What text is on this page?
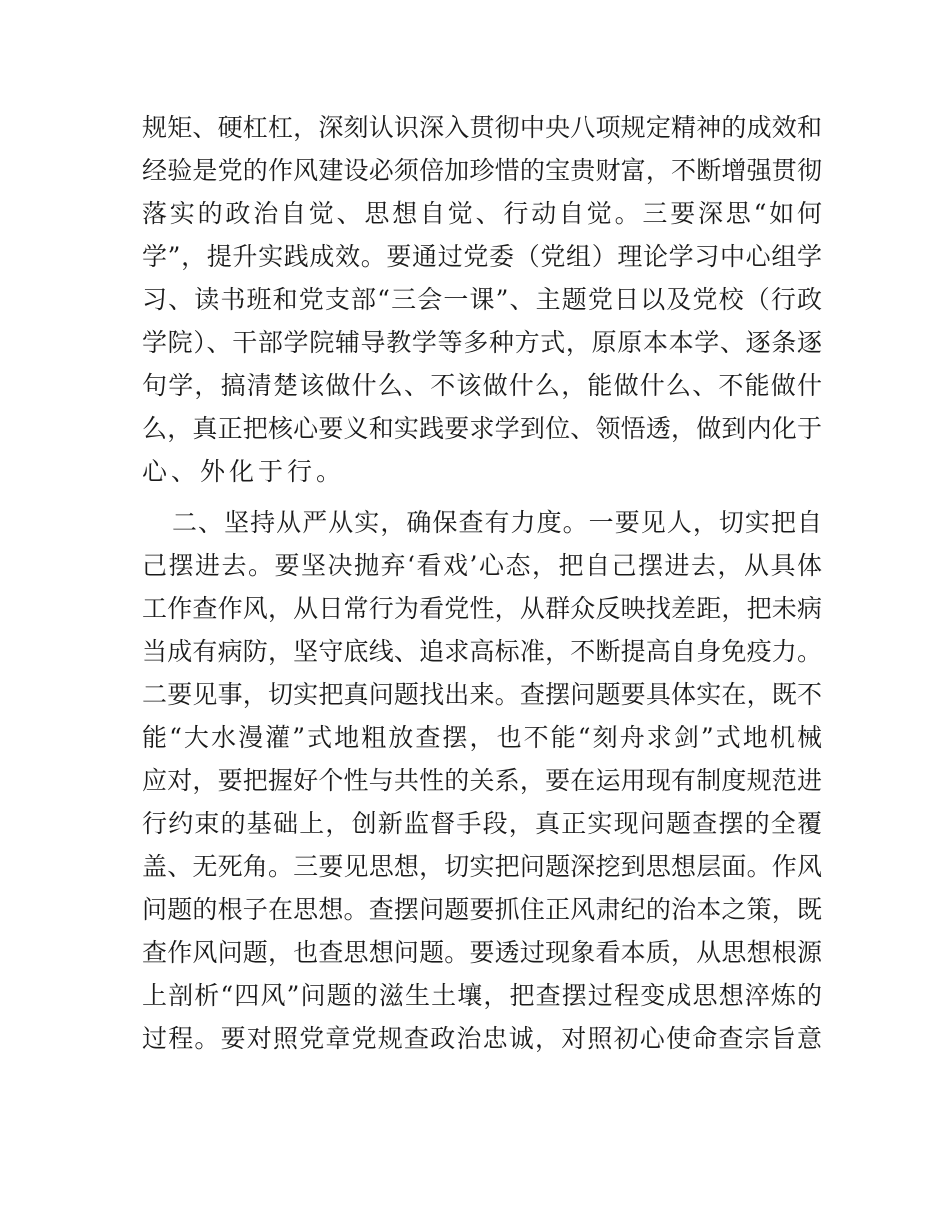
规矩、硬杠杠，深刻认识深入贯彻中央八项规定精神的成效和
经验是党的作风建设必须倍加珍惜的宝贵财富，不断增强贯彻
落实的政治自觉、思想自觉、行动自觉。三要深思“如何
学”，提升实践成效。要通过党委（党组）理论学习中心组学
习、读书班和党支部“三会一课”、主题党日以及党校（行政
学院）、干部学院辅导教学等多种方式，原原本本学、逐条逐
句学，搞清楚该做什么、不该做什么，能做什么、不能做什
么，真正把核心要义和实践要求学到位、领悟透，做到内化于
心、外化于行。
二、坚持从严从实，确保查有力度。一要见人，切实把自
己摆进去。要坚决抛弃‘看戏’心态，把自己摆进去，从具体
工作查作风，从日常行为看党性，从群众反映找差距，把未病
当成有病防，坚守底线、追求高标准，不断提高自身免疫力。
二要见事，切实把真问题找出来。查摆问题要具体实在，既不
能“大水漫灌”式地粗放查摆，也不能“刻舟求剑”式地机械
应对，要把握好个性与共性的关系，要在运用现有制度规范进
行约束的基础上，创新监督手段，真正实现问题查摆的全覆
盖、无死角。三要见思想，切实把问题深挖到思想层面。作风
问题的根子在思想。查摆问题要抓住正风肃纪的治本之策，既
查作风问题，也查思想问题。要透过现象看本质，从思想根源
上剖析“四风”问题的滋生土壤，把查摆过程变成思想淬炼的
过程。要对照党章党规查政治忠诚，对照初心使命查宗旨意
